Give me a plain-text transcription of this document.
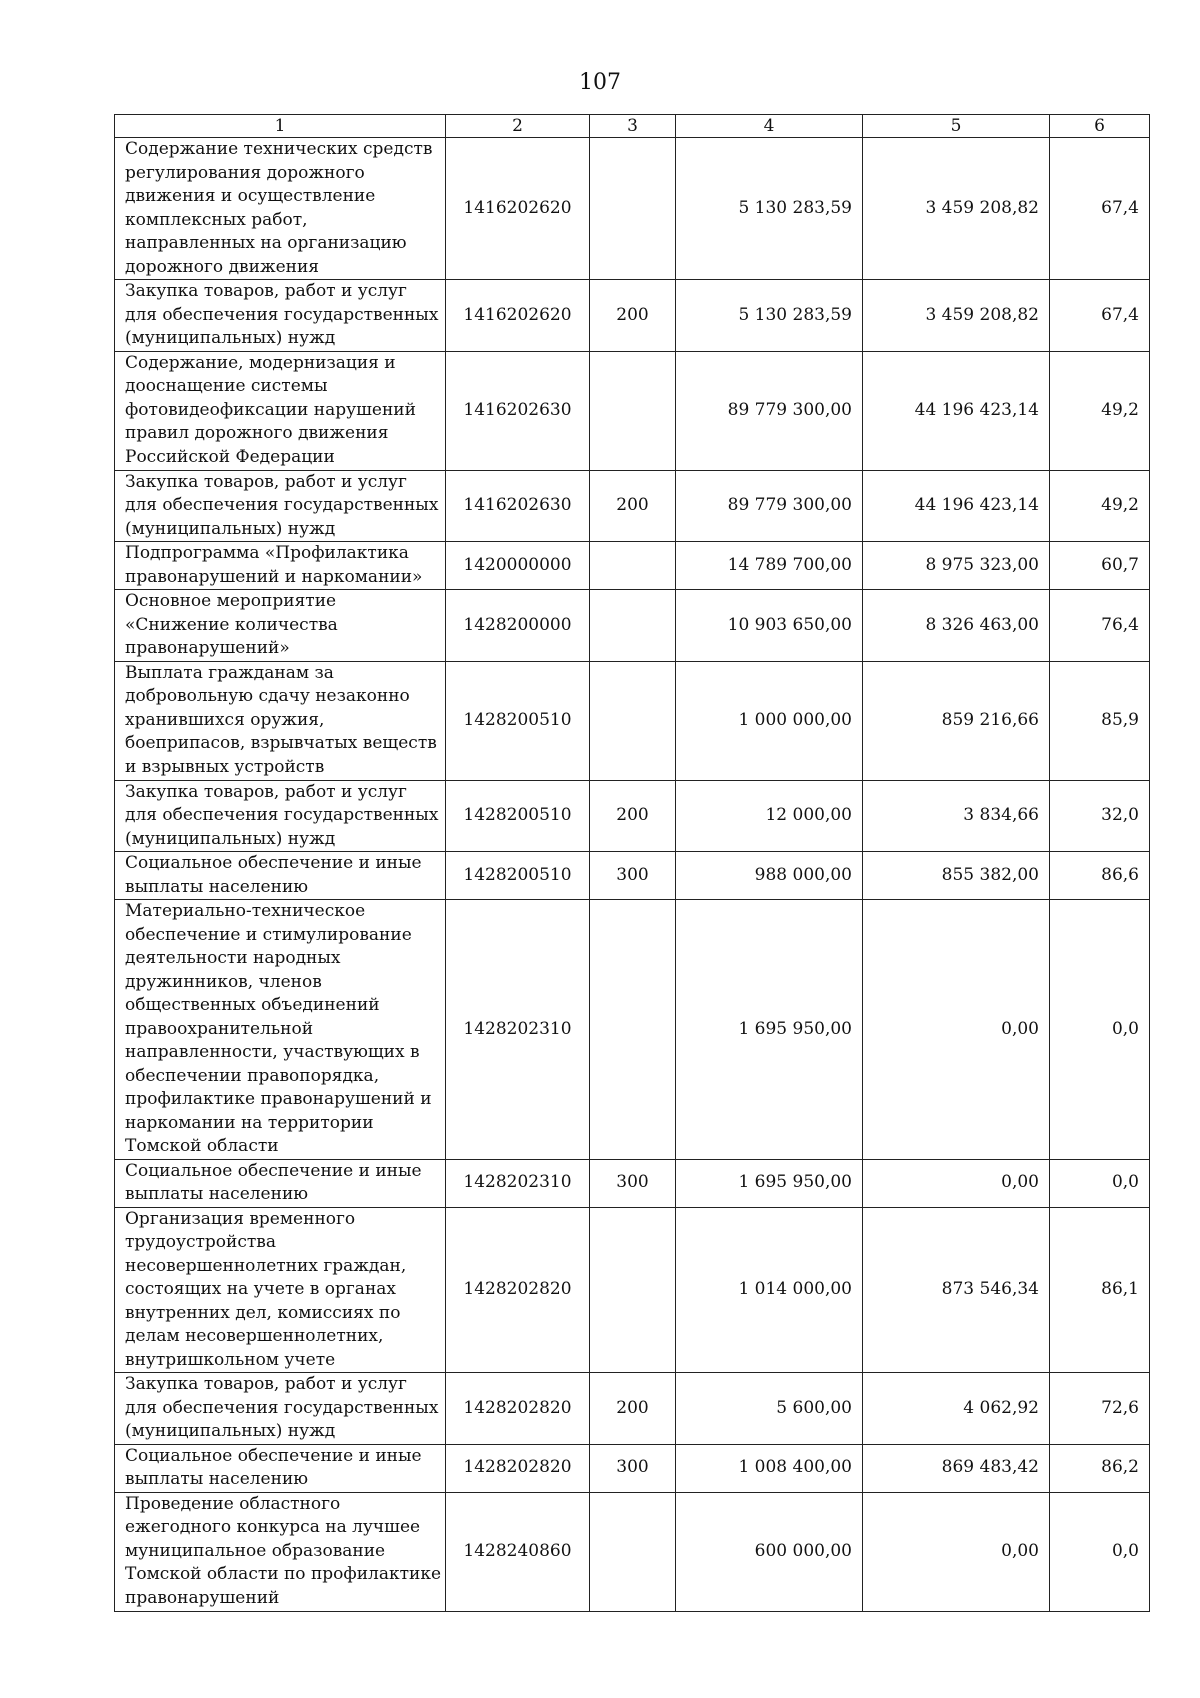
107
1	2	3	4	5	6
Содержание технических средств регулирования дорожного движения и осуществление комплексных работ, направленных на организацию дорожного движения	1416202620		5 130 283,59	3 459 208,82	67,4
Закупка товаров, работ и услуг для обеспечения государственных (муниципальных) нужд	1416202620	200	5 130 283,59	3 459 208,82	67,4
Содержание, модернизация и дооснащение системы фотовидеофиксации нарушений правил дорожного движения Российской Федерации	1416202630		89 779 300,00	44 196 423,14	49,2
Закупка товаров, работ и услуг для обеспечения государственных (муниципальных) нужд	1416202630	200	89 779 300,00	44 196 423,14	49,2
Подпрограмма «Профилактика правонарушений и наркомании»	1420000000		14 789 700,00	8 975 323,00	60,7
Основное мероприятие «Снижение количества правонарушений»	1428200000		10 903 650,00	8 326 463,00	76,4
Выплата гражданам за добровольную сдачу незаконно хранившихся оружия, боеприпасов, взрывчатых веществ и взрывных устройств	1428200510		1 000 000,00	859 216,66	85,9
Закупка товаров, работ и услуг для обеспечения государственных (муниципальных) нужд	1428200510	200	12 000,00	3 834,66	32,0
Социальное обеспечение и иные выплаты населению	1428200510	300	988 000,00	855 382,00	86,6
Материально-техническое обеспечение и стимулирование деятельности народных дружинников, членов общественных объединений правоохранительной направленности, участвующих в обеспечении правопорядка, профилактике правонарушений и наркомании на территории Томской области	1428202310		1 695 950,00	0,00	0,0
Социальное обеспечение и иные выплаты населению	1428202310	300	1 695 950,00	0,00	0,0
Организация временного трудоустройства несовершеннолетних граждан, состоящих на учете в органах внутренних дел, комиссиях по делам несовершеннолетних, внутришкольном учете	1428202820		1 014 000,00	873 546,34	86,1
Закупка товаров, работ и услуг для обеспечения государственных (муниципальных) нужд	1428202820	200	5 600,00	4 062,92	72,6
Социальное обеспечение и иные выплаты населению	1428202820	300	1 008 400,00	869 483,42	86,2
Проведение областного ежегодного конкурса на лучшее муниципальное образование Томской области по профилактике правонарушений	1428240860		600 000,00	0,00	0,0
